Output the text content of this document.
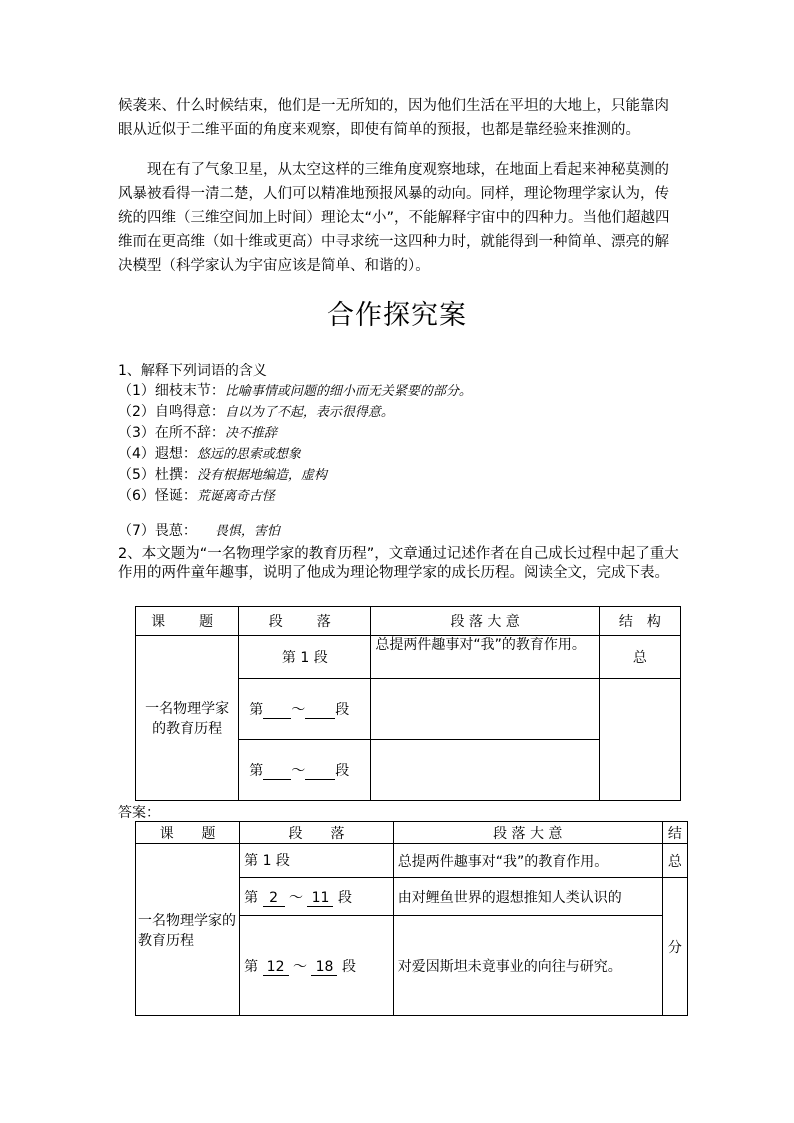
候袭来、什么时候结束，他们是一无所知的，因为他们生活在平坦的大地上，只能靠肉眼从近似于二维平面的角度来观察，即使有简单的预报，也都是靠经验来推测的。

现在有了气象卫星，从太空这样的三维角度观察地球，在地面上看起来神秘莫测的风暴被看得一清二楚，人们可以精准地预报风暴的动向。同样，理论物理学家认为，传统的四维（三维空间加上时间）理论太“小”，不能解释宇宙中的四种力。当他们超越四维而在更高维（如十维或更高）中寻求统一这四种力时，就能得到一种简单、漂亮的解决模型（科学家认为宇宙应该是简单、和谐的）。

合作探究案
1、解释下列词语的含义
（1）细枝末节：比喻事情或问题的细小而无关紧要的部分。
（2）自鸣得意：自以为了不起，表示很得意。
（3）在所不辞：决不推辞
（4）遐想：悠远的思索或想象
（5）杜撰：没有根据地编造，虚构
（6）怪诞：荒诞离奇古怪
（7）畏葸： 畏惧，害怕

2、本文题为“一名物理学家的教育历程”，文章通过记述作者在自己成长过程中起了重大作用的两件童年趣事，说明了他成为理论物理学家的成长历程。阅读全文，完成下表。

课　题	段　落	段 落 大 意	结　构
一名物理学家的教育历程	第 1 段	总提两件趣事对“我”的教育作用。	总
	第 ～ 段		
	第 ～ 段		
答案：
课　　题	段　　落	段 落 大 意	结
一名物理学家的教育历程	第 1 段	总提两件趣事对“我”的教育作用。	总
	第 2 ～ 11 段	由对鲤鱼世界的遐想推知人类认识的	分
	第 12 ～ 18 段	对爱因斯坦未竟事业的向往与研究。	
